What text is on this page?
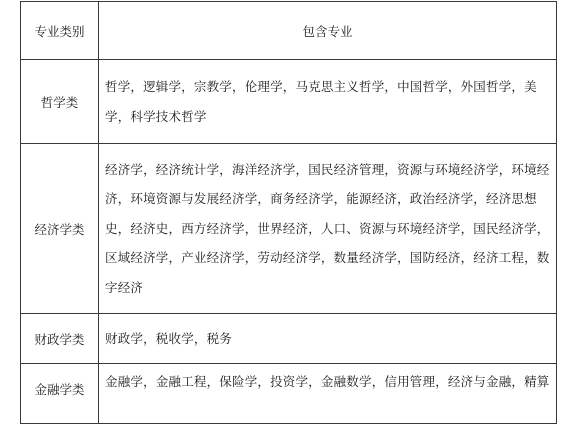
专业类别	包含专业
哲学类	哲学，逻辑学，宗教学，伦理学，马克思主义哲学，中国哲学，外国哲学，美学，科学技术哲学
经济学类	经济学，经济统计学，海洋经济学，国民经济管理，资源与环境经济学，环境经济，环境资源与发展经济学，商务经济学，能源经济，政治经济学，经济思想史，经济史，西方经济学，世界经济，人口、资源与环境经济学，国民经济学，区域经济学，产业经济学，劳动经济学，数量经济学，国防经济，经济工程，数字经济
财政学类	财政学，税收学，税务
金融学类	金融学，金融工程，保险学，投资学，金融数学，信用管理，经济与金融，精算
